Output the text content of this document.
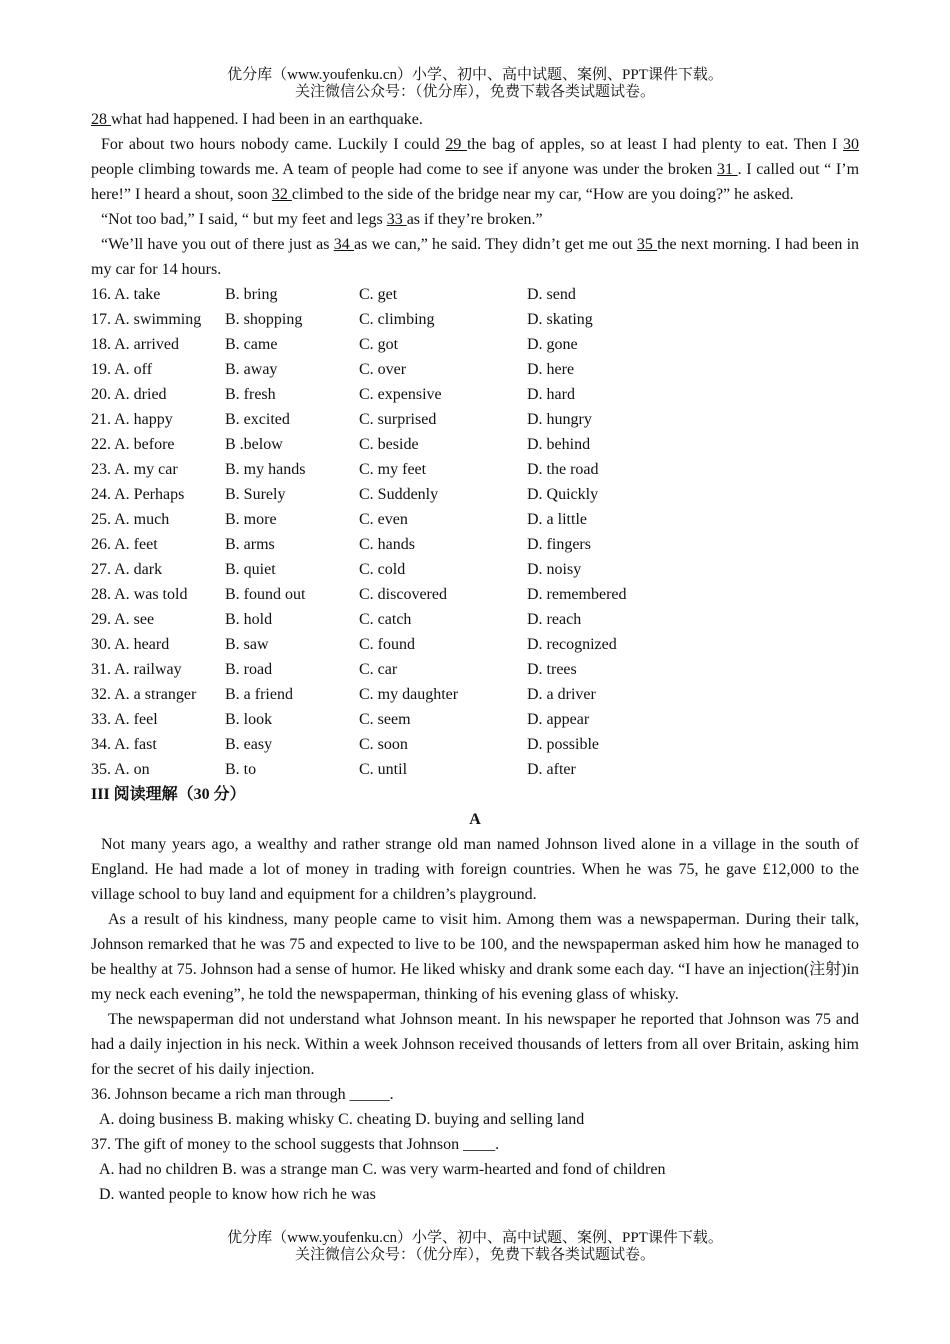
优分库（www.youfenku.cn）小学、初中、高中试题、案例、PPT课件下载。
关注微信公众号：（优分库），免费下载各类试题试卷。

28 what had happened. I had been in an earthquake.

For about two hours nobody came. Luckily I could 29 the bag of apples, so at least I had plenty to eat. Then I 30 people climbing towards me. A team of people had come to see if anyone was under the broken 31 . I called out “ I’m here!” I heard a shout, soon 32 climbed to the side of the bridge near my car, “How are you doing?” he asked.

“Not too bad,” I said, “ but my feet and legs 33 as if they’re broken.”

“We’ll have you out of there just as 34 as we can,” he said. They didn’t get me out 35 the next morning. I had been in my car for 14 hours.

16. A. take	B. bring	C. get	D. send
17. A. swimming	B. shopping	C. climbing	D. skating
18. A. arrived	B. came	C. got	D. gone
19. A. off	B. away	C. over	D. here
20. A. dried	B. fresh	C. expensive	D. hard
21. A. happy	B. excited	C. surprised	D. hungry
22. A. before	B .below	C. beside	D. behind
23. A. my car	B. my hands	C. my feet	D. the road
24. A. Perhaps	B. Surely	C. Suddenly	D. Quickly
25. A. much	B. more	C. even	D. a little
26. A. feet	B. arms	C. hands	D. fingers
27. A. dark	B. quiet	C. cold	D. noisy
28. A. was told	B. found out	C. discovered	D. remembered
29. A. see	B. hold	C. catch	D. reach
30. A. heard	B. saw	C. found	D. recognized
31. A. railway	B. road	C. car	D. trees
32. A. a stranger	B. a friend	C. my daughter	D. a driver
33. A. feel	B. look	C. seem	D. appear
34. A. fast	B. easy	C. soon	D. possible
35. A. on	B. to	C. until	D. after

III 阅读理解（30 分）

A

Not many years ago, a wealthy and rather strange old man named Johnson lived alone in a village in the south of England. He had made a lot of money in trading with foreign countries. When he was 75, he gave £12,000 to the village school to buy land and equipment for a children’s playground.

As a result of his kindness, many people came to visit him. Among them was a newspaperman. During their talk, Johnson remarked that he was 75 and expected to live to be 100, and the newspaperman asked him how he managed to be healthy at 75. Johnson had a sense of humor. He liked whisky and drank some each day. “I have an injection(注射)in my neck each evening”, he told the newspaperman, thinking of his evening glass of whisky.

The newspaperman did not understand what Johnson meant. In his newspaper he reported that Johnson was 75 and had a daily injection in his neck. Within a week Johnson received thousands of letters from all over Britain, asking him for the secret of his daily injection.

36. Johnson became a rich man through _____.

A. doing business B. making whisky C. cheating D. buying and selling land

37. The gift of money to the school suggests that Johnson ____.

A. had no children B. was a strange man C. was very warm-hearted and fond of children

D. wanted people to know how rich he was

优分库（www.youfenku.cn）小学、初中、高中试题、案例、PPT课件下载。
关注微信公众号：（优分库），免费下载各类试题试卷。
